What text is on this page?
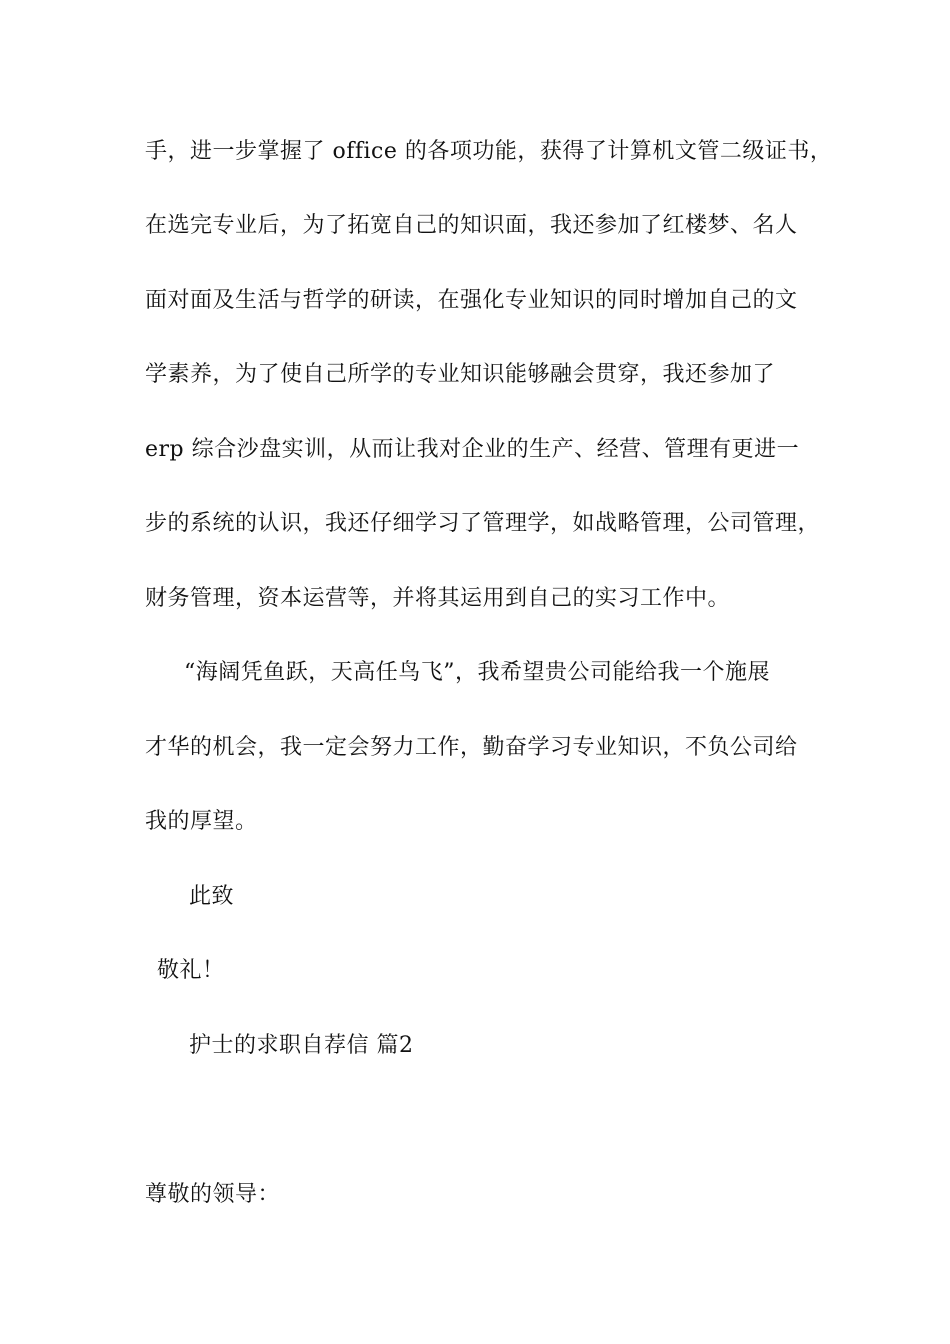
手，进一步掌握了 office 的各项功能，获得了计算机文管二级证书，
在选完专业后，为了拓宽自己的知识面，我还参加了红楼梦、名人
面对面及生活与哲学的研读，在强化专业知识的同时增加自己的文
学素养，为了使自己所学的专业知识能够融会贯穿，我还参加了
erp 综合沙盘实训，从而让我对企业的生产、经营、管理有更进一
步的系统的认识，我还仔细学习了管理学，如战略管理，公司管理，
财务管理，资本运营等，并将其运用到自己的实习工作中。
“海阔凭鱼跃，天高任鸟飞”，我希望贵公司能给我一个施展
才华的机会，我一定会努力工作，勤奋学习专业知识，不负公司给
我的厚望。
此致
敬礼！
护士的求职自荐信 篇2
尊敬的领导：
